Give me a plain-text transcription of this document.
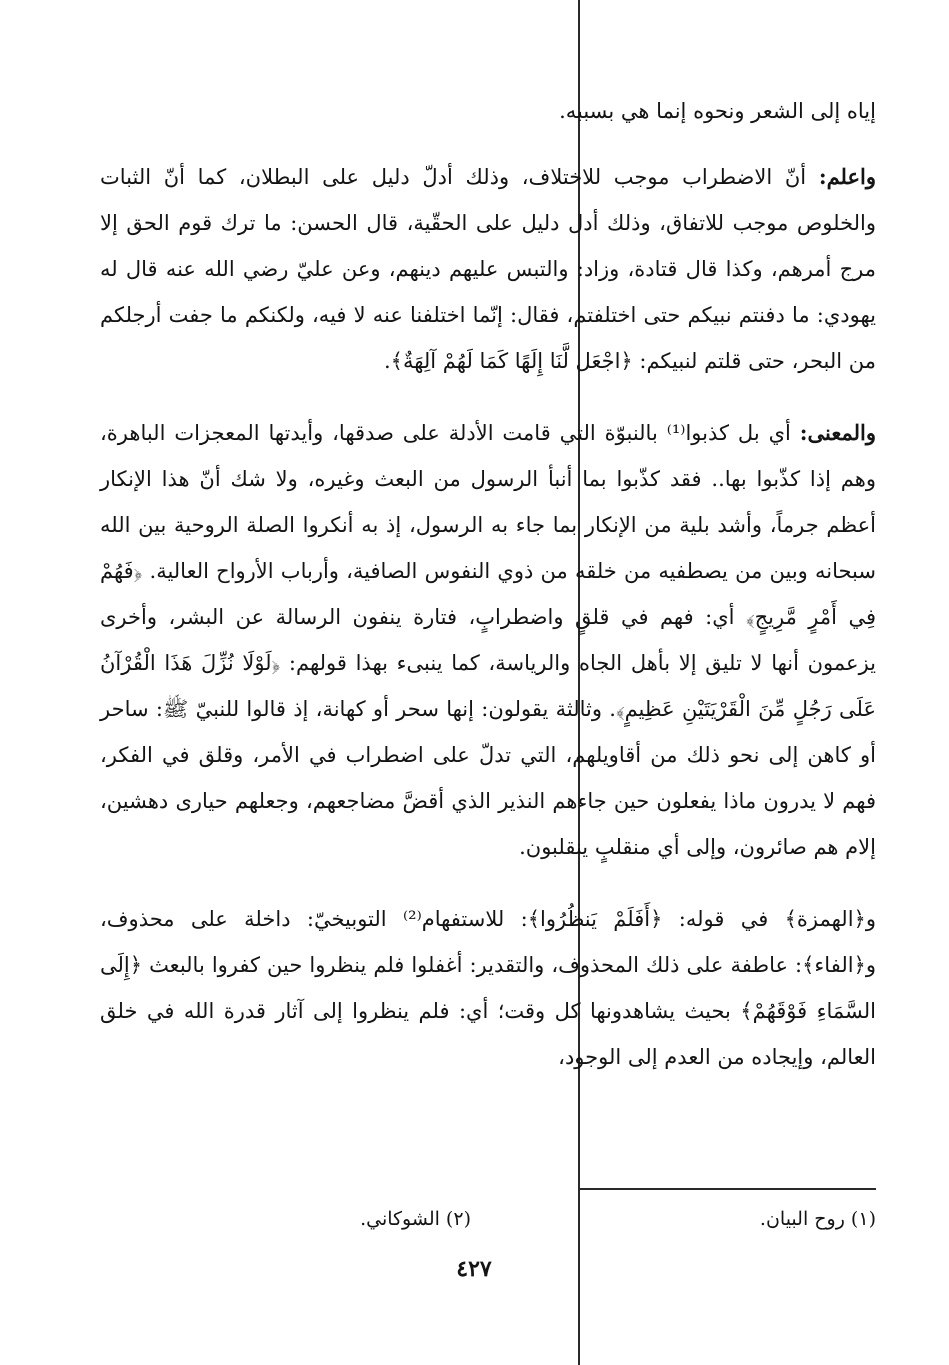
إياه إلى الشعر ونحوه إنما هي بسببه.

واعلم: أنّ الاضطراب موجب للاختلاف، وذلك أدلّ دليل على البطلان، كما أنّ الثبات والخلوص موجب للاتفاق، وذلك أدل دليل على الحقّية، قال الحسن: ما ترك قوم الحق إلا مرج أمرهم، وكذا قال قتادة، وزاد: والتبس عليهم دينهم، وعن عليّ رضي الله عنه قال له يهودي: ما دفنتم نبيكم حتى اختلفتم، فقال: إنّما اختلفنا عنه لا فيه، ولكنكم ما جفت أرجلكم من البحر، حتى قلتم لنبيكم: ﴿اجْعَل لَّنَا إِلَهًا كَمَا لَهُمْ آلِهَةٌ﴾.

والمعنى: أي بل كذبوا⁽¹⁾ بالنبوّة التي قامت الأدلة على صدقها، وأيدتها المعجزات الباهرة، وهم إذا كذّبوا بها.. فقد كذّبوا بما أنبأ الرسول من البعث وغيره، ولا شك أنّ هذا الإنكار أعظم جرماً، وأشد بلية من الإنكار بما جاء به الرسول، إذ به أنكروا الصلة الروحية بين الله سبحانه وبين من يصطفيه من خلقه من ذوي النفوس الصافية، وأرباب الأرواح العالية. ﴿فَهُمْ فِي أَمْرٍ مَّرِيجٍ﴾ أي: فهم في قلقٍ واضطرابٍ، فتارة ينفون الرسالة عن البشر، وأخرى يزعمون أنها لا تليق إلا بأهل الجاه والرياسة، كما ينبىء بهذا قولهم: ﴿لَوْلَا نُزِّلَ هَذَا الْقُرْآنُ عَلَى رَجُلٍ مِّنَ الْقَرْيَتَيْنِ عَظِيمٍ﴾. وثالثة يقولون: إنها سحر أو كهانة، إذ قالوا للنبيّ ﷺ: ساحر أو كاهن إلى نحو ذلك من أقاويلهم، التي تدلّ على اضطراب في الأمر، وقلق في الفكر، فهم لا يدرون ماذا يفعلون حين جاءهم النذير الذي أقضَّ مضاجعهم، وجعلهم حيارى دهشين، إلام هم صائرون، وإلى أي منقلبٍ ينقلبون.

و﴿الهمزة﴾ في قوله: ﴿أَفَلَمْ يَنظُرُوا﴾: للاستفهام⁽²⁾ التوبيخيّ: داخلة على محذوف، و﴿الفاء﴾: عاطفة على ذلك المحذوف، والتقدير: أغفلوا فلم ينظروا حين كفروا بالبعث ﴿إِلَى السَّمَاءِ فَوْقَهُمْ﴾ بحيث يشاهدونها كل وقت؛ أي: فلم ينظروا إلى آثار قدرة الله في خلق العالم، وإيجاده من العدم إلى الوجود،

(١) روح البيان.
(٢) الشوكاني.
٤٢٧
